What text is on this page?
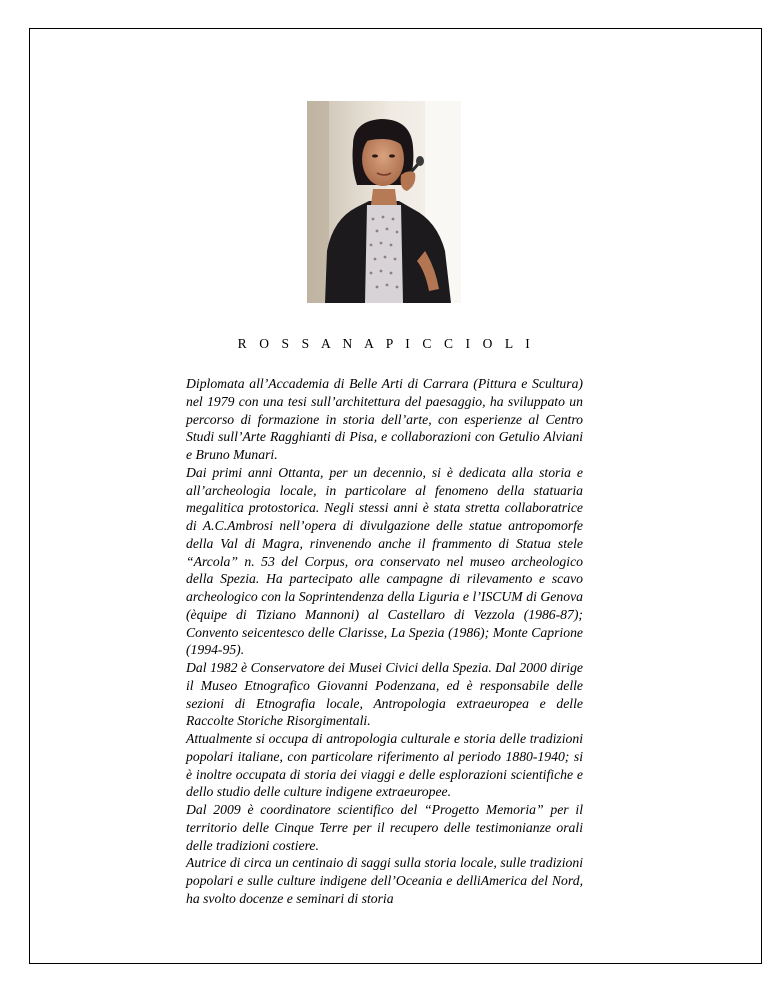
R O S S A N A P I C C I O L I
Diplomata all’Accademia di Belle Arti di Carrara (Pittura e Scultura) nel 1979 con una tesi sull’architettura del paesaggio, ha sviluppato un percorso di formazione in storia dell’arte, con esperienze al Centro Studi sull’Arte Ragghianti di Pisa, e collaborazioni con Getulio Alviani e Bruno Munari.
Dai primi anni Ottanta, per un decennio, si è dedicata alla storia e all’archeologia locale, in particolare al fenomeno della statuaria megalitica protostorica. Negli stessi anni è stata stretta collaboratrice di A.C.Ambrosi nell’opera di divulgazione delle statue antropomorfe della Val di Magra, rinvenendo anche il frammento di Statua stele “Arcola” n. 53 del Corpus, ora conservato nel museo archeologico della Spezia. Ha partecipato alle campagne di rilevamento e scavo archeologico con la Soprintendenza della Liguria e l’ISCUM di Genova (èquipe di Tiziano Mannoni) al Castellaro di Vezzola (1986-87); Convento seicentesco delle Clarisse, La Spezia (1986); Monte Caprione (1994-95).
Dal 1982 è Conservatore dei Musei Civici della Spezia. Dal 2000 dirige il Museo Etnografico Giovanni Podenzana, ed è responsabile delle sezioni di Etnografia locale, Antropologia extraeuropea e delle Raccolte Storiche Risorgimentali.
Attualmente si occupa di antropologia culturale e storia delle tradizioni popolari italiane, con particolare riferimento al periodo 1880-1940; si è inoltre occupata di storia dei viaggi e delle esplorazioni scientifiche e dello studio delle culture indigene extraeuropee.
Dal 2009 è coordinatore scientifico del “Progetto Memoria” per il territorio delle Cinque Terre per il recupero delle testimonianze orali delle tradizioni costiere.
Autrice di circa un centinaio di saggi sulla storia locale, sulle tradizioni popolari e sulle culture indigene dell’Oceania e delliAmerica del Nord, ha svolto docenze e seminari di storia
